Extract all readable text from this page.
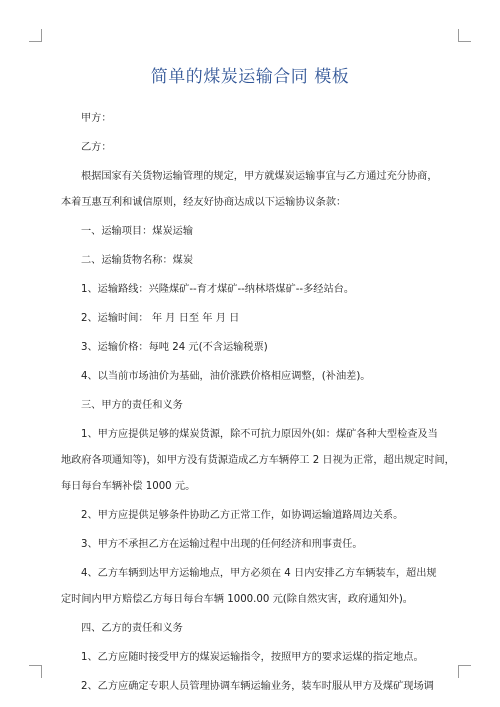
简单的煤炭运输合同 模板

甲方：

乙方：

根据国家有关货物运输管理的规定，甲方就煤炭运输事宜与乙方通过充分协商，

本着互惠互利和诚信原则，经友好协商达成以下运输协议条款：

一、运输项目：煤炭运输

二、运输货物名称：煤炭

1、运输路线：兴隆煤矿--育才煤矿--纳林塔煤矿--多经站台。

2、运输时间： 年 月 日至 年 月 日

3、运输价格：每吨 24 元(不含运输税票)

4、以当前市场油价为基础，油价涨跌价格相应调整，(补油差)。

三、甲方的责任和义务

1、甲方应提供足够的煤炭货源，除不可抗力原因外(如：煤矿各种大型检查及当

地政府各项通知等)，如甲方没有货源造成乙方车辆停工 2 日视为正常，超出规定时间，

每日每台车辆补偿 1000 元。

2、甲方应提供足够条件协助乙方正常工作，如协调运输道路周边关系。

3、甲方不承担乙方在运输过程中出现的任何经济和刑事责任。

4、乙方车辆到达甲方运输地点，甲方必须在 4 日内安排乙方车辆装车，超出规

定时间内甲方赔偿乙方每日每台车辆 1000.00 元(除自然灾害，政府通知外)。

四、乙方的责任和义务

1、乙方应随时接受甲方的煤炭运输指令，按照甲方的要求运煤的指定地点。

2、乙方应确定专职人员管理协调车辆运输业务，装车时服从甲方及煤矿现场调
